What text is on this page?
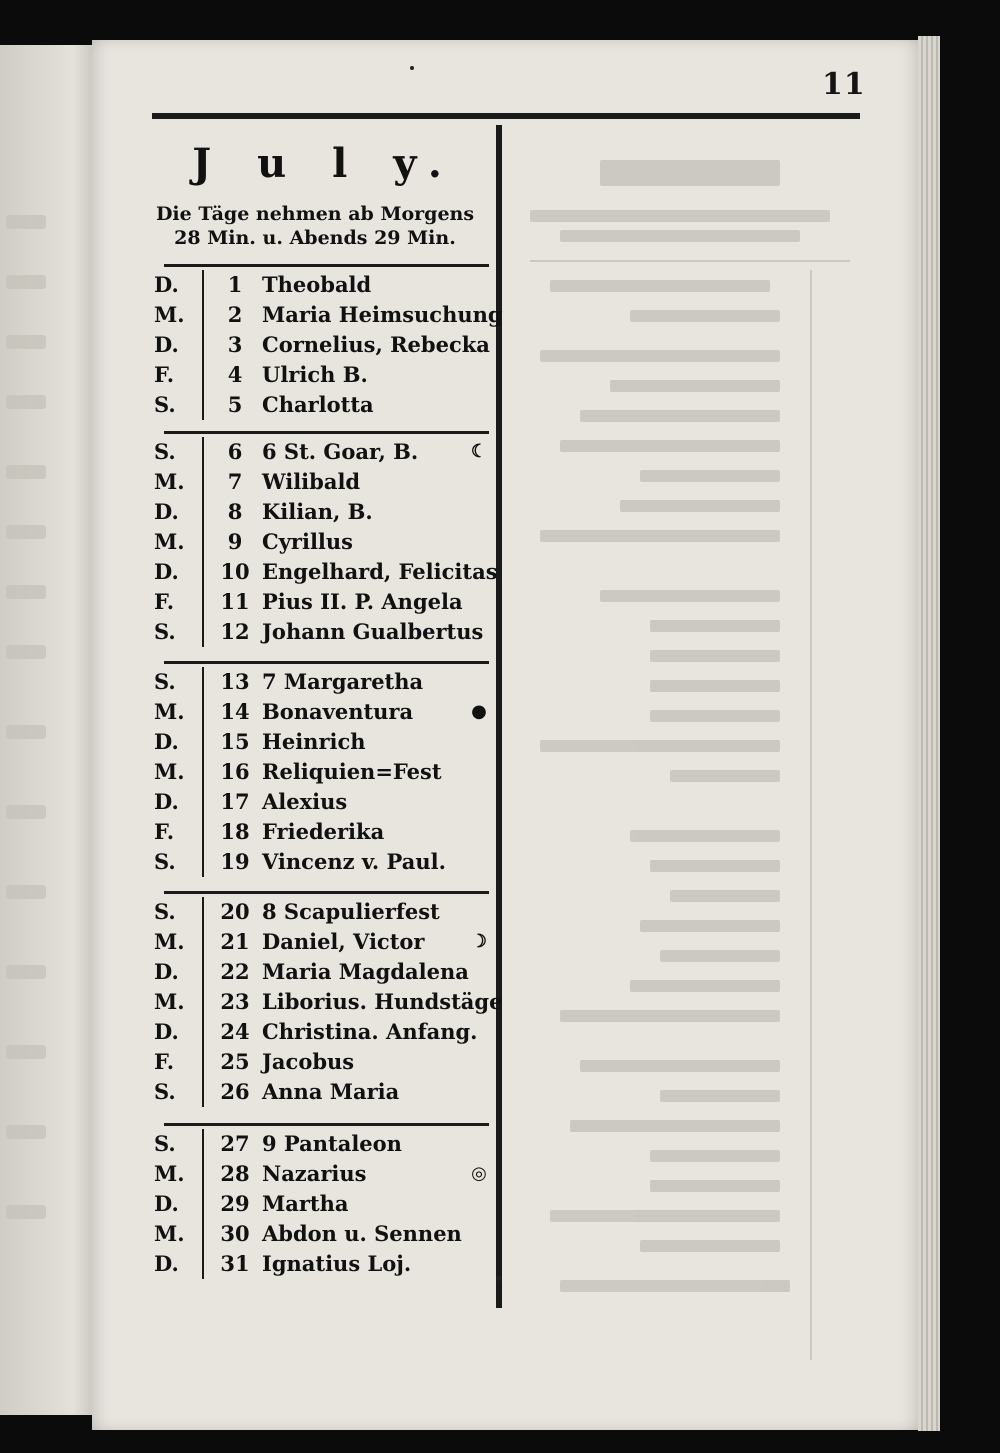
11
J u l y.
Die Täge nehmen ab Morgens
28 Min. u. Abends 29 Min.
D.	1 Theobald
M.	2 Maria Heimsuchung
D.	3 Cornelius, Rebecka
F.	4 Ulrich B.
S.	5 Charlotta
S.	6 6 St. Goar, B.	☾
M.	7 Wilibald
D.	8 Kilian, B.
M.	9 Cyrillus
D.	10 Engelhard, Felicitas
F.	11 Pius II. P. Angela
S.	12 Johann Gualbertus
S.	13 7 Margaretha
M.	14 Bonaventura	●
D.	15 Heinrich
M.	16 Reliquien=Fest
D.	17 Alexius
F.	18 Friederika
S.	19 Vincenz v. Paul.
S.	20 8 Scapulierfest
M.	21 Daniel, Victor	☽
D.	22 Maria Magdalena
M.	23 Liborius. Hundstäge
D.	24 Christina. Anfang.
F.	25 Jacobus
S.	26 Anna Maria
S.	27 9 Pantaleon
M.	28 Nazarius	◎
D.	29 Martha
M.	30 Abdon u. Sennen
D.	31 Ignatius Loj.
